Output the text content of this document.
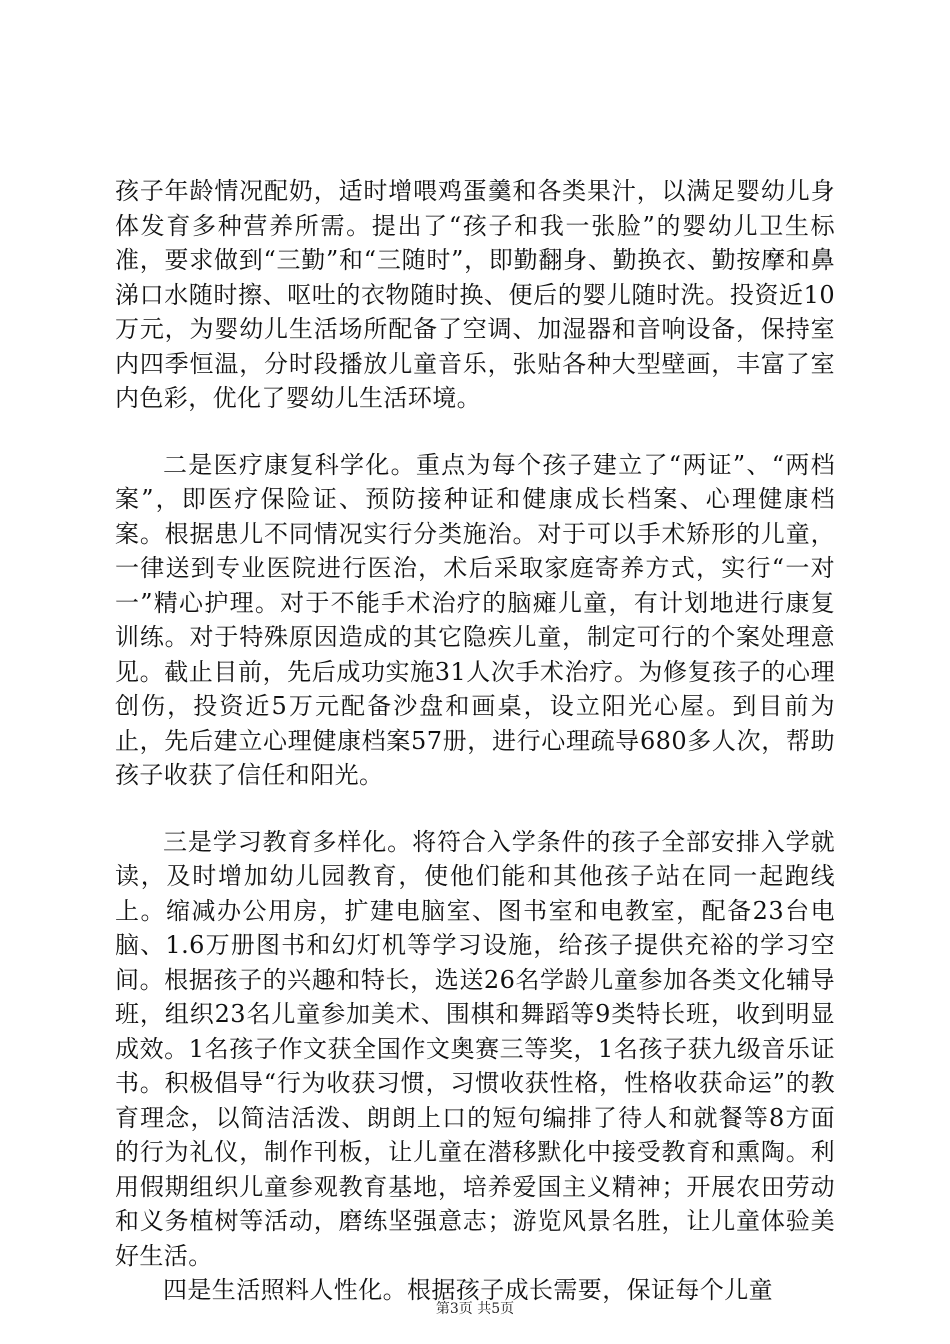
孩子年龄情况配奶，适时增喂鸡蛋羹和各类果汁，以满足婴幼儿身体发育多种营养所需。提出了“孩子和我一张脸”的婴幼儿卫生标准，要求做到“三勤”和“三随时”，即勤翻身、勤换衣、勤按摩和鼻涕口水随时擦、呕吐的衣物随时换、便后的婴儿随时洗。投资近10万元，为婴幼儿生活场所配备了空调、加湿器和音响设备，保持室内四季恒温，分时段播放儿童音乐，张贴各种大型壁画，丰富了室内色彩，优化了婴幼儿生活环境。

二是医疗康复科学化。重点为每个孩子建立了“两证”、“两档案”，即医疗保险证、预防接种证和健康成长档案、心理健康档案。根据患儿不同情况实行分类施治。对于可以手术矫形的儿童，一律送到专业医院进行医治，术后采取家庭寄养方式，实行“一对一”精心护理。对于不能手术治疗的脑瘫儿童，有计划地进行康复训练。对于特殊原因造成的其它隐疾儿童，制定可行的个案处理意见。截止目前，先后成功实施31人次手术治疗。为修复孩子的心理创伤，投资近5万元配备沙盘和画桌，设立阳光心屋。到目前为止，先后建立心理健康档案57册，进行心理疏导680多人次，帮助孩子收获了信任和阳光。

三是学习教育多样化。将符合入学条件的孩子全部安排入学就读，及时增加幼儿园教育，使他们能和其他孩子站在同一起跑线上。缩减办公用房，扩建电脑室、图书室和电教室，配备23台电脑、1.6万册图书和幻灯机等学习设施，给孩子提供充裕的学习空间。根据孩子的兴趣和特长，选送26名学龄儿童参加各类文化辅导班，组织23名儿童参加美术、围棋和舞蹈等9类特长班，收到明显成效。1名孩子作文获全国作文奥赛三等奖，1名孩子获九级音乐证书。积极倡导“行为收获习惯，习惯收获性格，性格收获命运”的教育理念，以简洁活泼、朗朗上口的短句编排了待人和就餐等8方面的行为礼仪，制作刊板，让儿童在潜移默化中接受教育和熏陶。利用假期组织儿童参观教育基地，培养爱国主义精神；开展农田劳动和义务植树等活动，磨练坚强意志；游览风景名胜，让儿童体验美好生活。

四是生活照料人性化。根据孩子成长需要，保证每个儿童

第3页 共5页
